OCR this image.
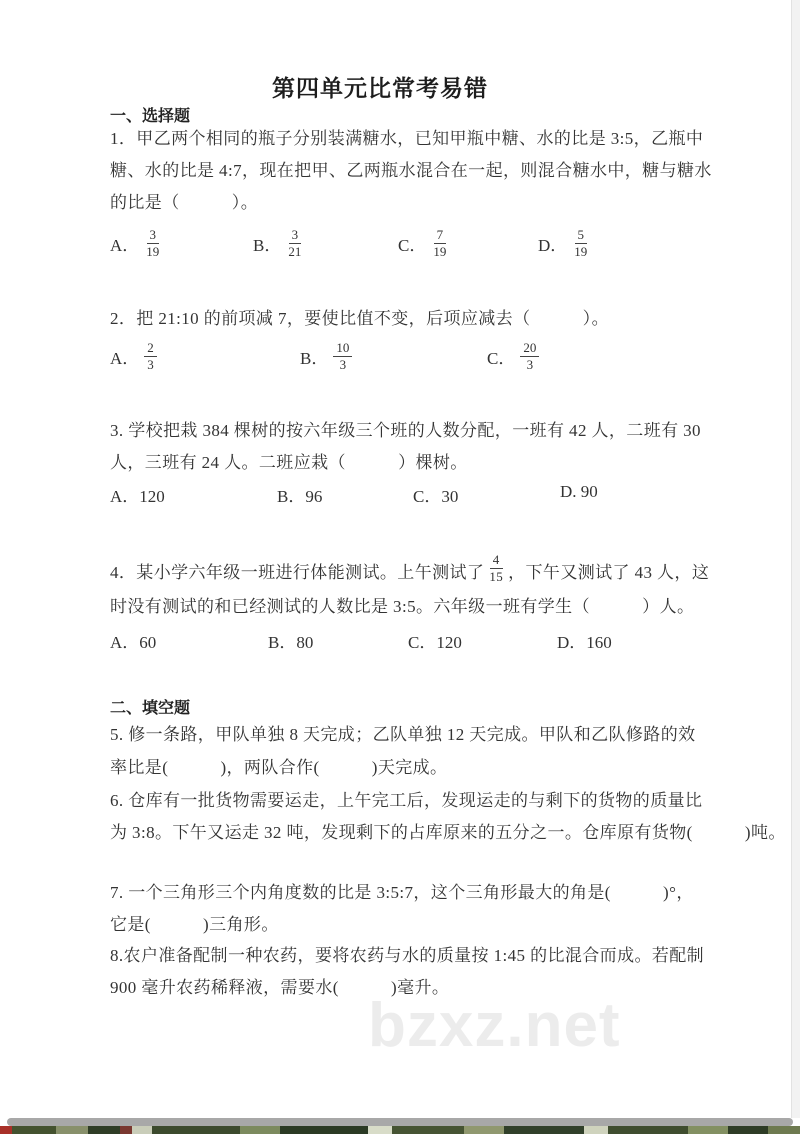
第四单元比常考易错
一、选择题
1．甲乙两个相同的瓶子分别装满糖水，已知甲瓶中糖、水的比是 3:5，乙瓶中
糖、水的比是 4:7，现在把甲、乙两瓶水混合在一起，则混合糖水中，糖与糖水
的比是（　　　）。
A． $\frac{3}{19}$	B． $\frac{3}{21}$	C． $\frac{7}{19}$	D． $\frac{5}{19}$
2．把 21:10 的前项减 7，要使比值不变，后项应减去（　　　）。
A． $\frac{2}{3}$	B． $\frac{10}{3}$	C． $\frac{20}{3}$
3. 学校把栽 384 棵树的按六年级三个班的人数分配，一班有 42 人，二班有 30
人，三班有 24 人。二班应栽（　　　）棵树。
A．120	B．96	C．30	D. 90
4．某小学六年级一班进行体能测试。上午测试了 $\frac{4}{15}$ ，下午又测试了 43 人，这
时没有测试的和已经测试的人数比是 3:5。六年级一班有学生（　　　）人。
A．60	B．80	C．120	D．160
二、填空题
5. 修一条路，甲队单独 8 天完成；乙队单独 12 天完成。甲队和乙队修路的效
率比是(　　　)，两队合作(　　　)天完成。
6. 仓库有一批货物需要运走，上午完工后，发现运走的与剩下的货物的质量比
为 3:8。下午又运走 32 吨，发现剩下的占库原来的五分之一。仓库原有货物(　　　)吨。
7. 一个三角形三个内角度数的比是 3:5:7，这个三角形最大的角是(　　　)°，
它是(　　　)三角形。
8.农户准备配制一种农药，要将农药与水的质量按 1:45 的比混合而成。若配制
900 毫升农药稀释液，需要水(　　　)毫升。
bzxz.net
